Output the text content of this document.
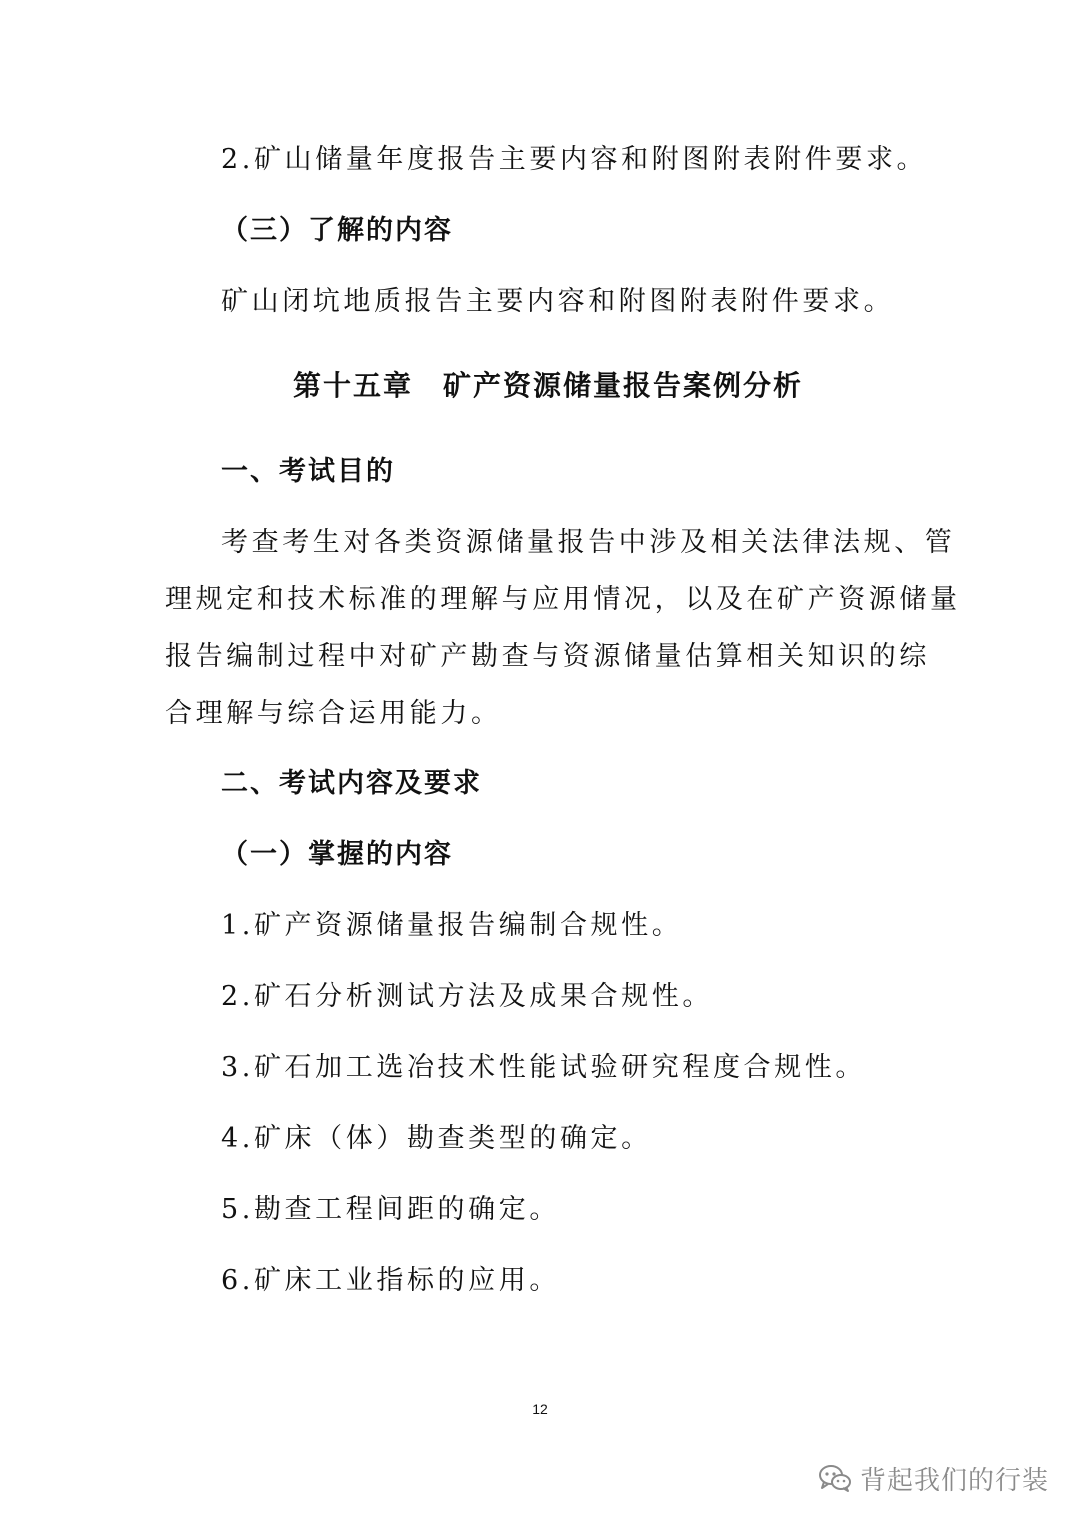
2.矿山储量年度报告主要内容和附图附表附件要求。
（三）了解的内容
矿山闭坑地质报告主要内容和附图附表附件要求。
第十五章　矿产资源储量报告案例分析
一、考试目的
考查考生对各类资源储量报告中涉及相关法律法规、管
理规定和技术标准的理解与应用情况，以及在矿产资源储量
报告编制过程中对矿产勘查与资源储量估算相关知识的综
合理解与综合运用能力。
二、考试内容及要求
（一）掌握的内容
1.矿产资源储量报告编制合规性。
2.矿石分析测试方法及成果合规性。
3.矿石加工选冶技术性能试验研究程度合规性。
4.矿床（体）勘查类型的确定。
5.勘查工程间距的确定。
6.矿床工业指标的应用。
12
背起我们的行装
